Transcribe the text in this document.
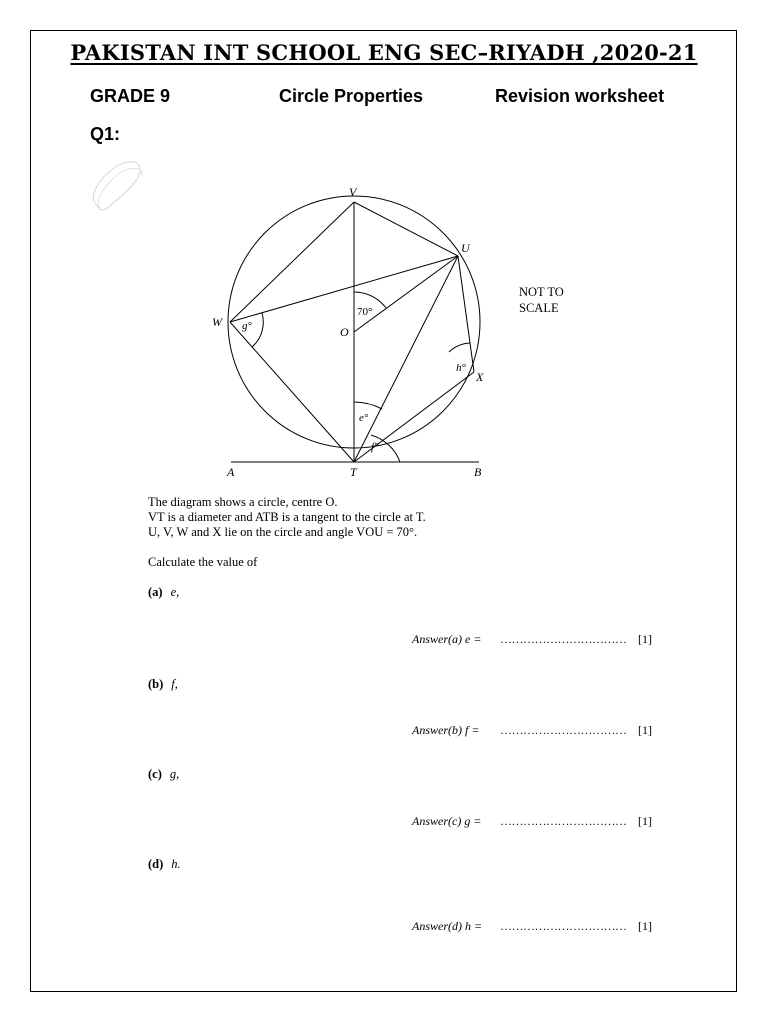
PAKISTAN INT SCHOOL ENG SEC–RIYADH ,2020-21
GRADE 9	Circle Properties	Revision worksheet
Q1:
V
U
W
O
X
A	T	B
70°
g°
h°
e°
f°
NOT TO
SCALE
The diagram shows a circle, centre O.
VT is a diameter and ATB is a tangent to the circle at T.
U, V, W and X lie on the circle and angle VOU = 70°.
Calculate the value of
(a) e,
Answer(a) e = …………………………… [1]
(b) f,
Answer(b) f = …………………………… [1]
(c) g,
Answer(c) g = …………………………… [1]
(d) h.
Answer(d) h = …………………………… [1]
